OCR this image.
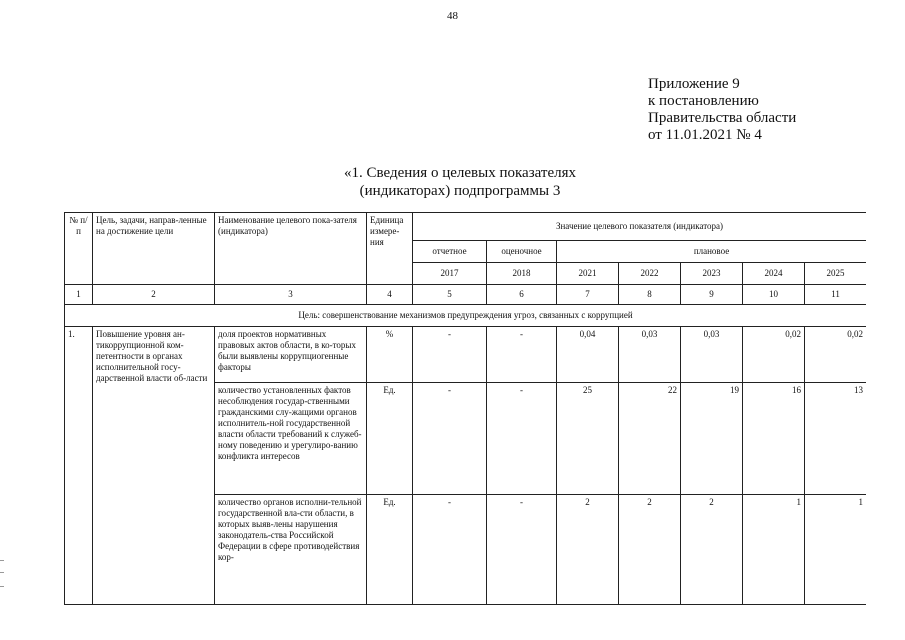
48
Приложение 9
к постановлению
Правительства области
от 11.01.2021 № 4
«1. Сведения о целевых показателях
(индикаторах) подпрограммы 3
№ п/п	Цель, задачи, направ-ленные на достижение цели	Наименование целевого пока-зателя (индикатора)	Единица измере-ния	Значение целевого показателя (индикатора)						
				отчетное	оценочное	плановое				
				2017	2018	2021	2022	2023	2024	2025
1	2	3	4	5	6	7	8	9	10	11
Цель: совершенствование механизмов предупреждения угроз, связанных с коррупцией										
1.	Повышение уровня ан-тикоррупционной ком-петентности в органах исполнительной госу-дарственной власти об-ласти	доля проектов нормативных правовых актов области, в ко-торых были выявлены коррупциогенные факторы	%	-	-	0,04	0,03	0,03	0,02	0,02
		количество установленных фактов несоблюдения государ-ственными гражданскими слу-жащими органов исполнитель-ной государственной власти области требований к служеб-ному поведению и урегулиро-ванию конфликта интересов	Ед.	-	-	25	22	19	16	13
		количество органов исполни-тельной государственной вла-сти области, в которых выяв-лены нарушения законодатель-ства Российской Федерации в сфере противодействия кор-	Ед.	-	-	2	2	2	1	1
